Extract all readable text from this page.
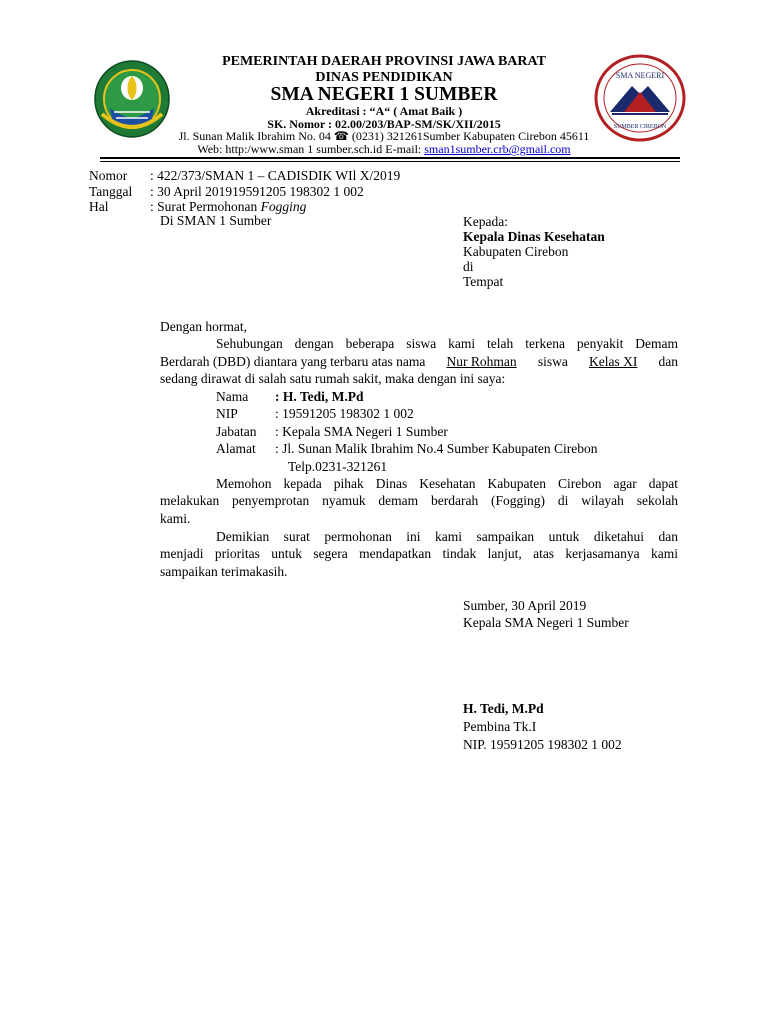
SMA NEGERI
SUMBER CIREBON
PEMERINTAH DAERAH PROVINSI JAWA BARAT
DINAS PENDIDIKAN
SMA NEGERI 1 SUMBER
Akreditasi : “A“ ( Amat Baik )
SK. Nomor : 02.00/203/BAP-SM/SK/XII/2015
Jl. Sunan Malik Ibrahim No. 04 ☎ (0231) 321261Sumber Kabupaten Cirebon 45611
Web: http:/www.sman 1 sumber.sch.id E-mail: sman1sumber.crb@gmail.com
Nomor : 422/373/SMAN 1 – CADISDIK WIl X/2019
Tanggal : 30 April 201919591205 198302 1 002
Hal	: Surat Permohonan Fogging
Di SMAN 1 Sumber	Kepada:
Kepala Dinas Kesehatan
Kabupaten Cirebon
di
Tempat
Dengan hormat,
Sehubungan dengan beberapa siswa kami telah terkena penyakit Demam
Berdarah (DBD) diantara yang terbaru atas nama Nur Rohman siswa Kelas XI dan
sedang dirawat di salah satu rumah sakit, maka dengan ini saya:
Nama : H. Tedi, M.Pd
NIP	: 19591205 198302 1 002
Jabatan : Kepala SMA Negeri 1 Sumber
Alamat : Jl. Sunan Malik Ibrahim No.4 Sumber Kabupaten Cirebon
Telp.0231-321261
Memohon kepada pihak Dinas Kesehatan Kabupaten Cirebon agar dapat
melakukan penyemprotan nyamuk demam berdarah (Fogging) di wilayah sekolah
kami.
Demikian surat permohonan ini kami sampaikan untuk diketahui dan
menjadi prioritas untuk segera mendapatkan tindak lanjut, atas kerjasamanya kami
sampaikan terimakasih.
Sumber, 30 April 2019
Kepala SMA Negeri 1 Sumber
H. Tedi, M.Pd
Pembina Tk.I
NIP. 19591205 198302 1 002
